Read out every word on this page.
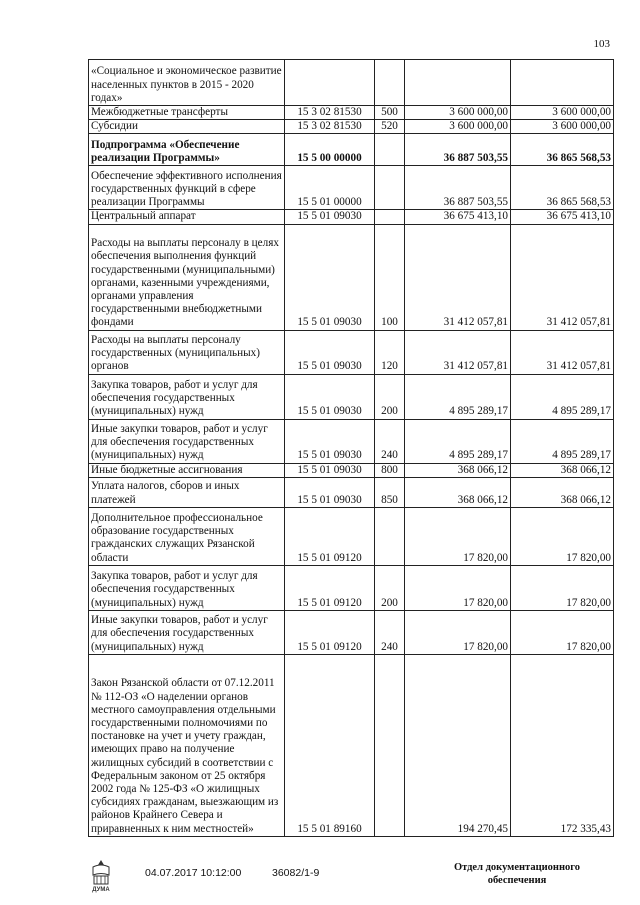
103
«Социальное и экономическое развитие населенных пунктов в 2015 - 2020 годах»				
Межбюджетные трансферты	15 3 02 81530	500	3 600 000,00	3 600 000,00
Субсидии	15 3 02 81530	520	3 600 000,00	3 600 000,00
Подпрограмма «Обеспечение реализации Программы»	15 5 00 00000		36 887 503,55	36 865 568,53
Обеспечение эффективного исполнения государственных функций в сфере реализации Программы	15 5 01 00000		36 887 503,55	36 865 568,53
Центральный аппарат	15 5 01 09030		36 675 413,10	36 675 413,10
Расходы на выплаты персоналу в целях обеспечения выполнения функций государственными (муниципальными) органами, казенными учреждениями, органами управления государственными внебюджетными фондами	15 5 01 09030	100	31 412 057,81	31 412 057,81
Расходы на выплаты персоналу государственных (муниципальных) органов	15 5 01 09030	120	31 412 057,81	31 412 057,81
Закупка товаров, работ и услуг для обеспечения государственных (муниципальных) нужд	15 5 01 09030	200	4 895 289,17	4 895 289,17
Иные закупки товаров, работ и услуг для обеспечения государственных (муниципальных) нужд	15 5 01 09030	240	4 895 289,17	4 895 289,17
Иные бюджетные ассигнования	15 5 01 09030	800	368 066,12	368 066,12
Уплата налогов, сборов и иных платежей	15 5 01 09030	850	368 066,12	368 066,12
Дополнительное профессиональное образование государственных гражданских служащих Рязанской области	15 5 01 09120		17 820,00	17 820,00
Закупка товаров, работ и услуг для обеспечения государственных (муниципальных) нужд	15 5 01 09120	200	17 820,00	17 820,00
Иные закупки товаров, работ и услуг для обеспечения государственных (муниципальных) нужд	15 5 01 09120	240	17 820,00	17 820,00
Закон Рязанской области от 07.12.2011 № 112-ОЗ «О наделении органов местного самоуправления отдельными государственными полномочиями по постановке на учет и учету граждан, имеющих право на получение жилищных субсидий в соответствии с Федеральным законом от 25 октября 2002 года № 125-ФЗ «О жилищных субсидиях гражданам, выезжающим из районов Крайнего Севера и приравненных к ним местностей»	15 5 01 89160		194 270,45	172 335,43
ДУМА
04.07.2017 10:12:00	36082/1-9	Отдел документационного обеспечения
